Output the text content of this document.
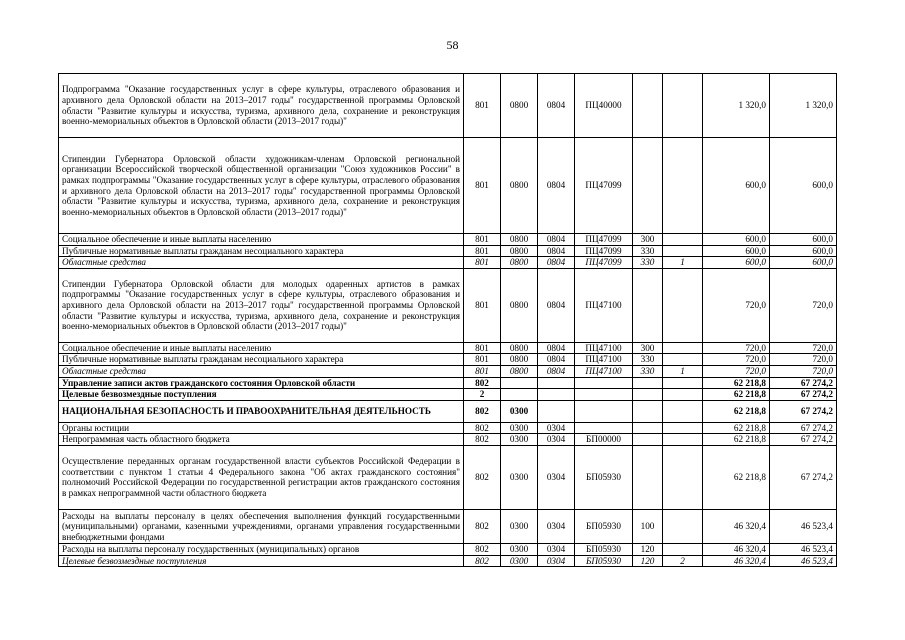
58
Подпрограмма "Оказание государственных услуг в сфере культуры, отраслевого образования и архивного дела Орловской области на 2013–2017 годы" государственной программы Орловской области "Развитие культуры и искусства, туризма, архивного дела, сохранение и реконструкция военно-мемориальных объектов в Орловской области (2013–2017 годы)"	801	0800	0804	ПЦ40000			1 320,0	1 320,0
Стипендии Губернатора Орловской области художникам-членам Орловской региональной организации Всероссийской творческой общественной организации "Союз художников России" в рамках подпрограммы "Оказание государственных услуг в сфере культуры, отраслевого образования и архивного дела Орловской области на 2013–2017 годы" государственной программы Орловской области "Развитие культуры и искусства, туризма, архивного дела, сохранение и реконструкция военно-мемориальных объектов в Орловской области (2013–2017 годы)"	801	0800	0804	ПЦ47099			600,0	600,0
Социальное обеспечение и иные выплаты населению	801	0800	0804	ПЦ47099	300		600,0	600,0
Публичные нормативные выплаты гражданам несоциального характера	801	0800	0804	ПЦ47099	330		600,0	600,0
Областные средства	801	0800	0804	ПЦ47099	330	1	600,0	600,0
Стипендии Губернатора Орловской области для молодых одаренных артистов в рамках подпрограммы "Оказание государственных услуг в сфере культуры, отраслевого образования и архивного дела Орловской области на 2013–2017 годы" государственной программы Орловской области "Развитие культуры и искусства, туризма, архивного дела, сохранение и реконструкция военно-мемориальных объектов в Орловской области (2013–2017 годы)"	801	0800	0804	ПЦ47100			720,0	720,0
Социальное обеспечение и иные выплаты населению	801	0800	0804	ПЦ47100	300		720,0	720,0
Публичные нормативные выплаты гражданам несоциального характера	801	0800	0804	ПЦ47100	330		720,0	720,0
Областные средства	801	0800	0804	ПЦ47100	330	1	720,0	720,0
Управление записи актов гражданского состояния Орловской области	802						62 218,8	67 274,2
Целевые безвозмездные поступления	2						62 218,8	67 274,2
НАЦИОНАЛЬНАЯ БЕЗОПАСНОСТЬ И ПРАВООХРАНИТЕЛЬНАЯ ДЕЯТЕЛЬНОСТЬ	802	0300					62 218,8	67 274,2
Органы юстиции	802	0300	0304				62 218,8	67 274,2
Непрограммная часть областного бюджета	802	0300	0304	БП00000			62 218,8	67 274,2
Осуществление переданных органам государственной власти субъектов Российской Федерации в соответствии с пунктом 1 статьи 4 Федерального закона "Об актах гражданского состояния" полномочий Российской Федерации по государственной регистрации актов гражданского состояния в рамках непрограммной части областного бюджета	802	0300	0304	БП05930			62 218,8	67 274,2
Расходы на выплаты персоналу в целях обеспечения выполнения функций государственными (муниципальными) органами, казенными учреждениями, органами управления государственными внебюджетными фондами	802	0300	0304	БП05930	100		46 320,4	46 523,4
Расходы на выплаты персоналу государственных (муниципальных) органов	802	0300	0304	БП05930	120		46 320,4	46 523,4
Целевые безвозмездные поступления	802	0300	0304	БП05930	120	2	46 320,4	46 523,4
